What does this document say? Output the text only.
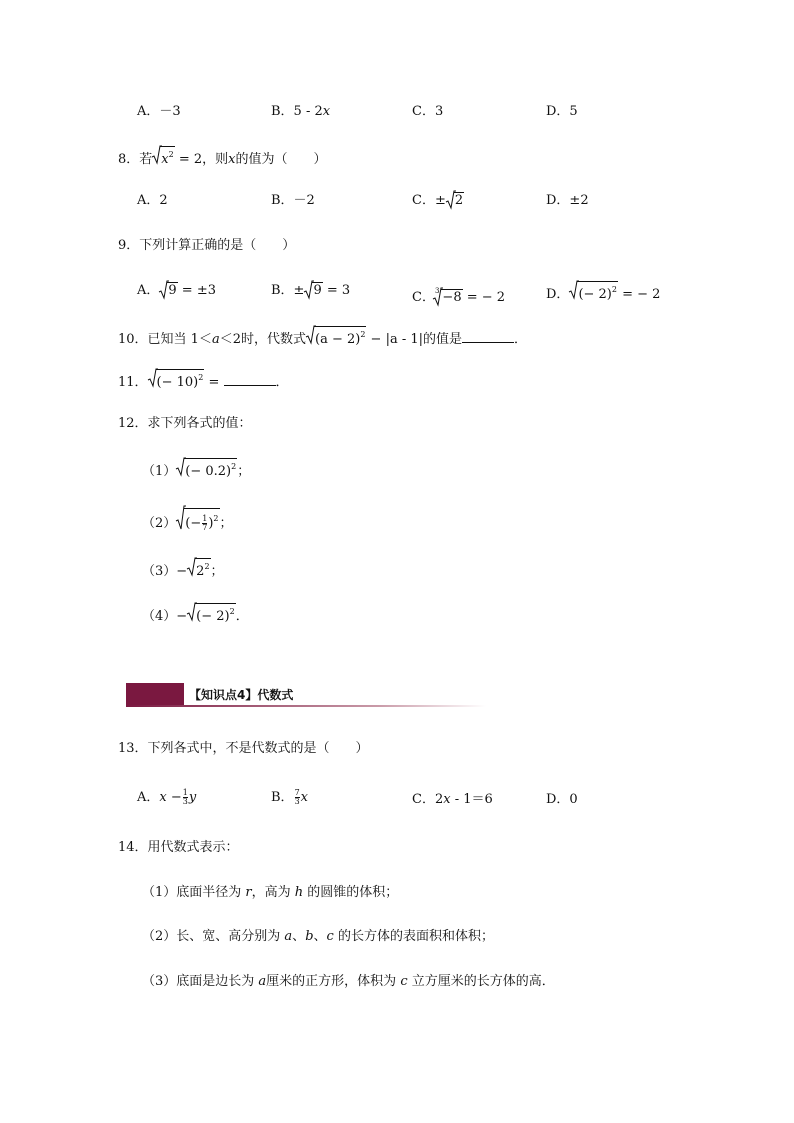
A．－3	B．5 - 2x	C．3	D．5
8．若 $x^2 = 2$，则x的值为（　　）
A．2	B．－2	C．± 2	D．±2
9．下列计算正确的是（　　）
A． 9 = ±3	B．± 9 = 3	C．$^3$ −8 = − 2	D． (− 2)$^2$ = − 2
10．已知当 1＜a＜2时，代数式 $(a - 2)^2 - |a - 1|$的值是	．
11． (− 10)$^2$ =	．
12．求下列各式的值：
（1） (− 0.2)$^2$；
（2） (− $\frac{1}{7} )^2$；
$(3)- 2^2$；
（4）− (− 2)$^2$．
【知识点4】代数式
13．下列各式中，不是代数式的是（　　）
A．$x - \frac{1}{3}$ y	B． $\frac{7}{3}$ x	C．2x - 1＝6	D．0
14．用代数式表示：
（1）底面半径为 r，高为 h 的圆锥的体积；
（2）长、宽、高分别为 a、b、c 的长方体的表面积和体积；
（3）底面是边长为 a厘米的正方形，体积为 c 立方厘米的长方体的高．
